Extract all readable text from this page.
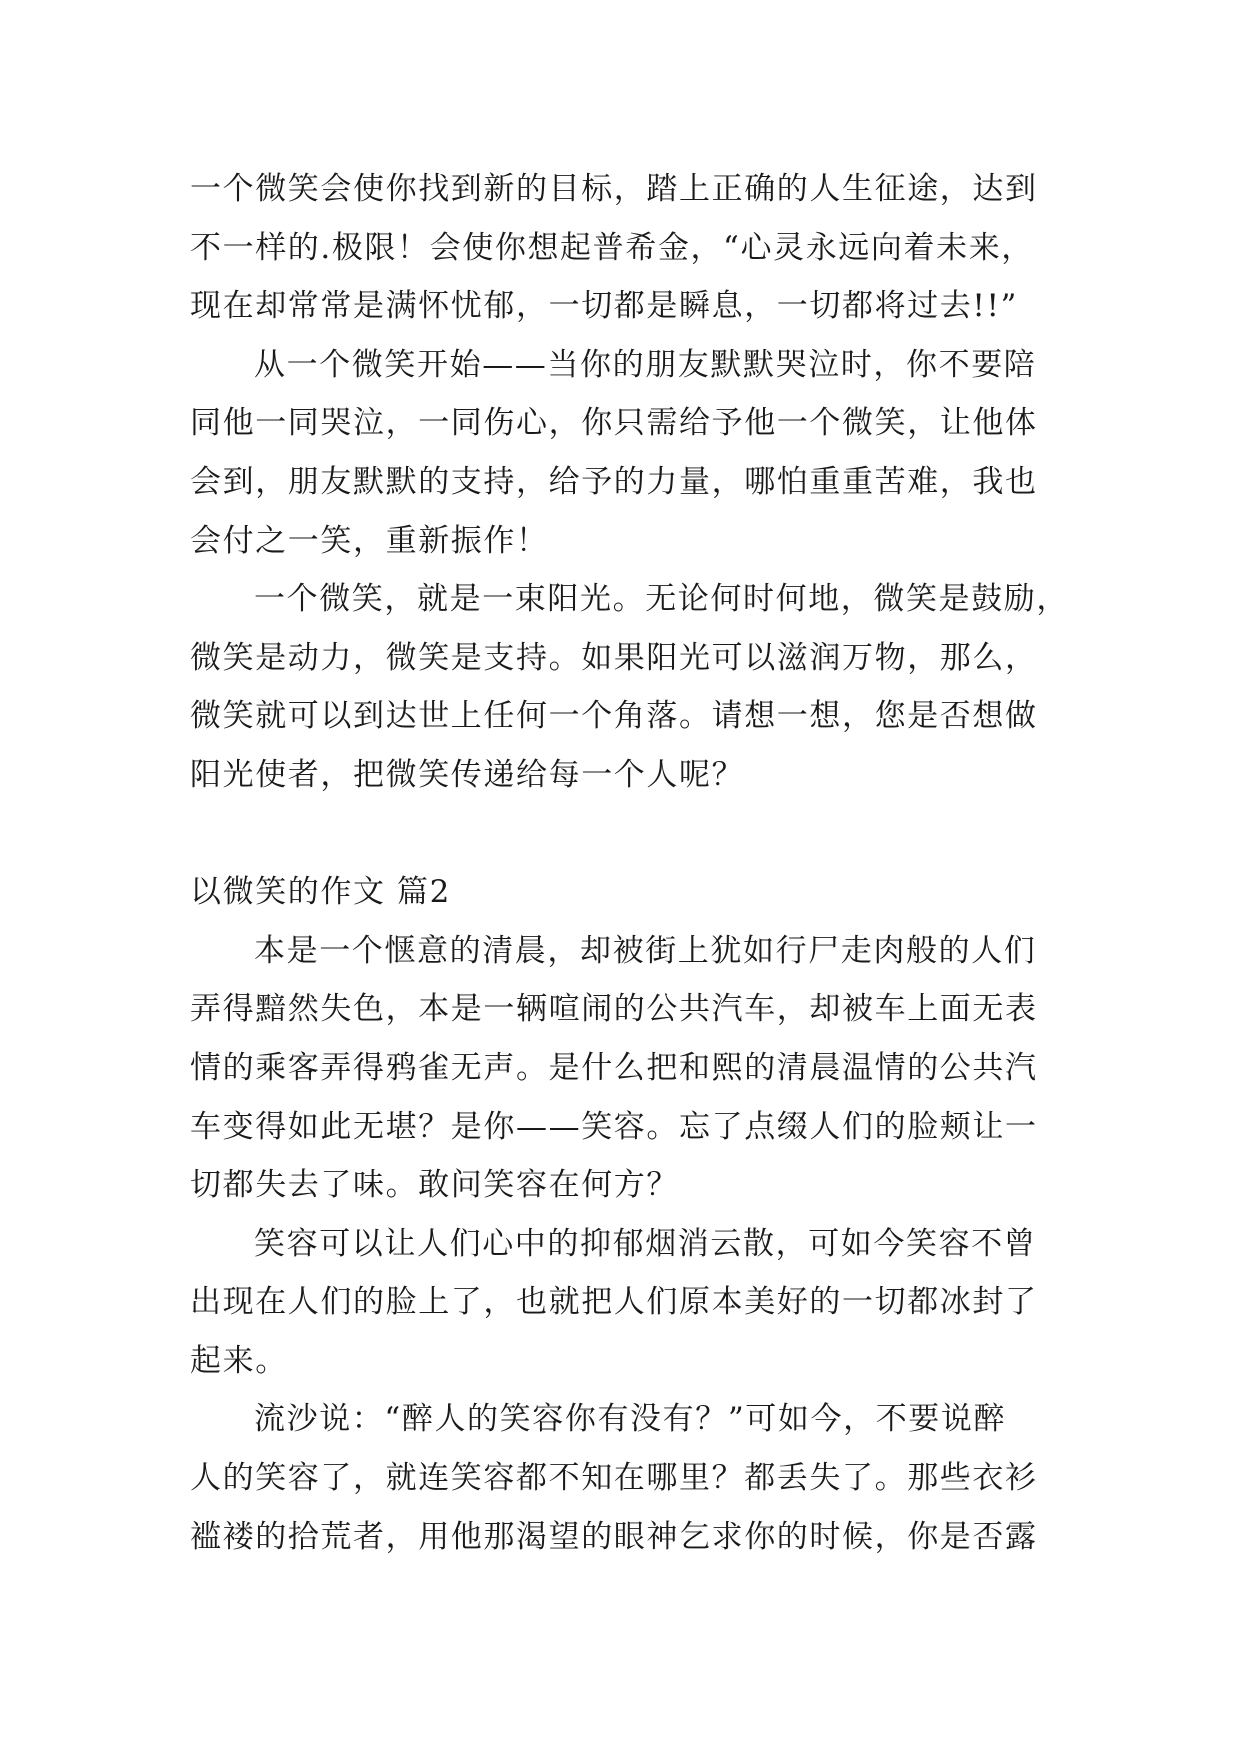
一个微笑会使你找到新的目标，踏上正确的人生征途，达到
不一样的.极限！会使你想起普希金，“心灵永远向着未来，
现在却常常是满怀忧郁，一切都是瞬息，一切都将过去!!”
从一个微笑开始——当你的朋友默默哭泣时，你不要陪
同他一同哭泣，一同伤心，你只需给予他一个微笑，让他体
会到，朋友默默的支持，给予的力量，哪怕重重苦难，我也
会付之一笑，重新振作！
一个微笑，就是一束阳光。无论何时何地，微笑是鼓励，
微笑是动力，微笑是支持。如果阳光可以滋润万物，那么，
微笑就可以到达世上任何一个角落。请想一想，您是否想做
阳光使者，把微笑传递给每一个人呢？
以微笑的作文 篇2
本是一个惬意的清晨，却被街上犹如行尸走肉般的人们
弄得黯然失色，本是一辆喧闹的公共汽车，却被车上面无表
情的乘客弄得鸦雀无声。是什么把和熙的清晨温情的公共汽
车变得如此无堪？是你——笑容。忘了点缀人们的脸颊让一
切都失去了味。敢问笑容在何方？
笑容可以让人们心中的抑郁烟消云散，可如今笑容不曾
出现在人们的脸上了，也就把人们原本美好的一切都冰封了
起来。
流沙说：“醉人的笑容你有没有？”可如今，不要说醉
人的笑容了，就连笑容都不知在哪里？都丢失了。那些衣衫
褴褛的拾荒者，用他那渴望的眼神乞求你的时候，你是否露
